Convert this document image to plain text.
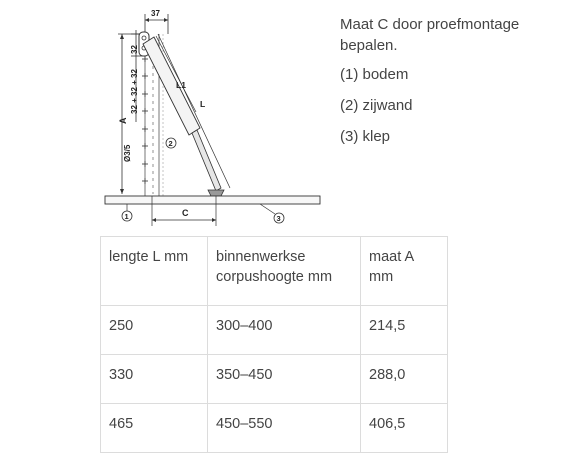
37
32
32 + 32 + 32
Ø3/5
A
2
L1
L
1	C
3

Maat C door proefmontage bepalen.

(1) bodem

(2) zijwand

(3) klep

lengte L mm	binnenwerkse corpushoogte mm	maat A mm
250	300–400	214,5
330	350–450	288,0
465	450–550	406,5
